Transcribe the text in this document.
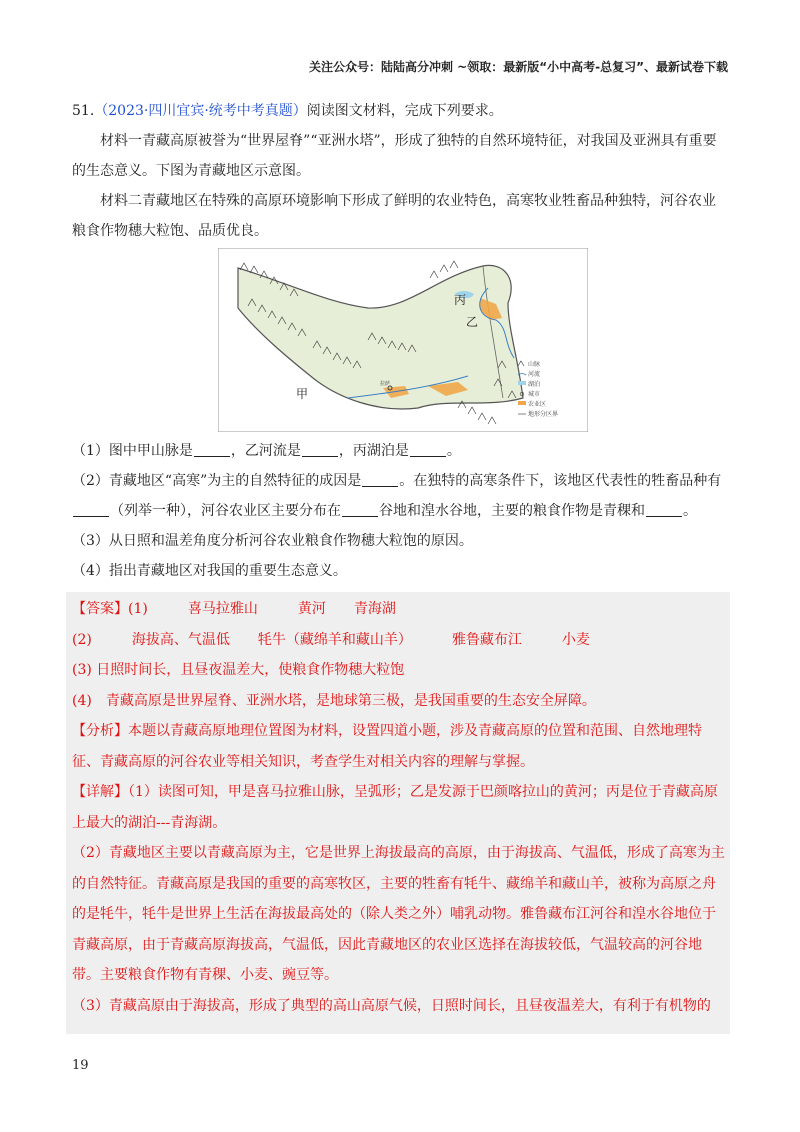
关注公众号：陆陆高分冲刺 ~领取：最新版“小中高考-总复习”、最新试卷下载

51.（2023·四川宜宾·统考中考真题）阅读图文材料，完成下列要求。

材料一青藏高原被誉为“世界屋脊”“亚洲水塔”，形成了独特的自然环境特征，对我国及亚洲具有重要的生态意义。下图为青藏地区示意图。

材料二青藏地区在特殊的高原环境影响下形成了鲜明的农业特色，高寒牧业牲畜品种独特，河谷农业粮食作物穗大粒饱、品质优良。

甲
乙
丙
拉萨
山脉
河流
湖泊
城市
农业区
地形分区界

（1）图中甲山脉是	，乙河流是	，丙湖泊是	。

（2）青藏地区“高寒”为主的自然特征的成因是	。在独特的高寒条件下，该地区代表性的牲畜品种有（列举一种），河谷农业区主要分布在	谷地和湟水谷地，主要的粮食作物是青稞和	。

（3）从日照和温差角度分析河谷农业粮食作物穗大粒饱的原因。

（4）指出青藏地区对我国的重要生态意义。

【答案】(1)	喜马拉雅山	黄河 青海湖

(2)	海拔高、气温低 牦牛（藏绵羊和藏山羊）	雅鲁藏布江	小麦

(3) 日照时间长，且昼夜温差大，使粮食作物穗大粒饱

(4)　青藏高原是世界屋脊、亚洲水塔，是地球第三极，是我国重要的生态安全屏障。

【分析】本题以青藏高原地理位置图为材料，设置四道小题，涉及青藏高原的位置和范围、自然地理特征、青藏高原的河谷农业等相关知识，考查学生对相关内容的理解与掌握。

【详解】（1）读图可知，甲是喜马拉雅山脉，呈弧形；乙是发源于巴颜喀拉山的黄河；丙是位于青藏高原上最大的湖泊---青海湖。

（2）青藏地区主要以青藏高原为主，它是世界上海拔最高的高原，由于海拔高、气温低，形成了高寒为主的自然特征。青藏高原是我国的重要的高寒牧区，主要的牲畜有牦牛、藏绵羊和藏山羊，被称为高原之舟的是牦牛，牦牛是世界上生活在海拔最高处的（除人类之外）哺乳动物。雅鲁藏布江河谷和湟水谷地位于青藏高原，由于青藏高原海拔高，气温低，因此青藏地区的农业区选择在海拔较低，气温较高的河谷地带。主要粮食作物有青稞、小麦、豌豆等。

（3）青藏高原由于海拔高，形成了典型的高山高原气候，日照时间长，且昼夜温差大，有利于有机物的

19
